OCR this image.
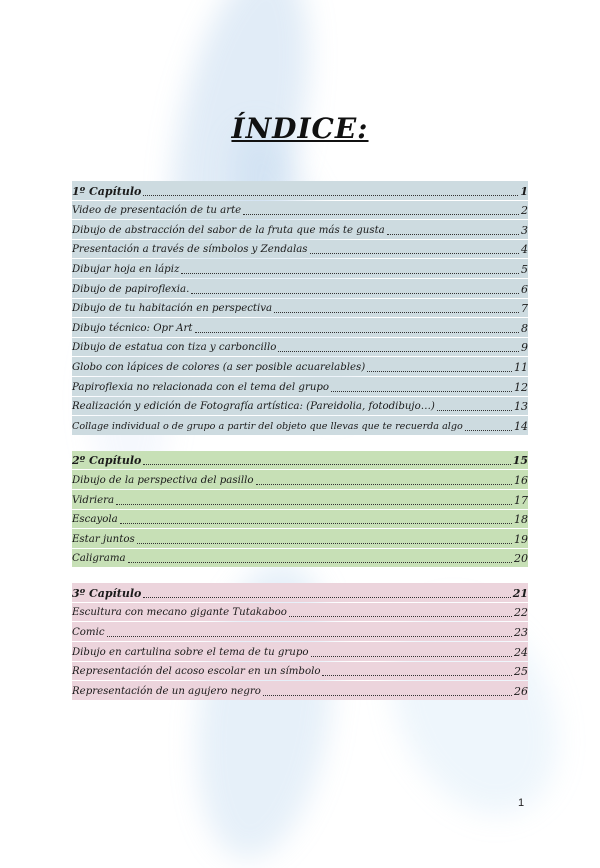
ÍNDICE:
1º Capítulo	1
Video de presentación de tu arte	2
Dibujo de abstracción del sabor de la fruta que más te gusta	3
Presentación a través de símbolos y Zendalas	4
Dibujar hoja en lápiz	5
Dibujo de papiroflexia.	6
Dibujo de tu habitación en perspectiva	7
Dibujo técnico: Opr Art	8
Dibujo de estatua con tiza y carboncillo	9
Globo con lápices de colores (a ser posible acuarelables)	11
Papiroflexia no relacionada con el tema del grupo	12
Realización y edición de Fotografía artística: (Pareidolia, fotodibujo…)	13
Collage individual o de grupo a partir del objeto que llevas que te recuerda algo	14
2º Capítulo	15
Dibujo de la perspectiva del pasillo	16
Vidriera	17
Escayola	18
Estar juntos	19
Caligrama	20
3º Capítulo	21
Escultura con mecano gigante Tutakaboo	22
Comic	23
Dibujo en cartulina sobre el tema de tu grupo	24
Representación del acoso escolar en un símbolo	25
Representación de un agujero negro	26
1
